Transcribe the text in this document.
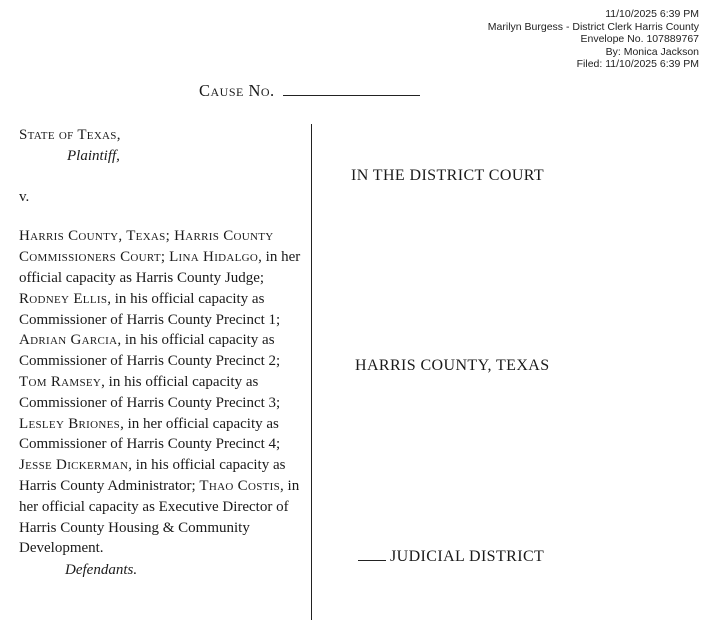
11/10/2025 6:39 PM
Marilyn Burgess - District Clerk Harris County
Envelope No. 107889767
By: Monica Jackson
Filed: 11/10/2025 6:39 PM
Cause No.
State of Texas,
Plaintiff,
v.
Harris County, Texas; Harris County Commissioners Court; Lina Hidalgo, in her official capacity as Harris County Judge; Rodney Ellis, in his official capacity as Commissioner of Harris County Precinct 1; Adrian Garcia, in his official capacity as Commissioner of Harris County Precinct 2; Tom Ramsey, in his official capacity as Commissioner of Harris County Precinct 3; Lesley Briones, in her official capacity as Commissioner of Harris County Precinct 4; Jesse Dickerman, in his official capacity as Harris County Administrator; Thao Costis, in her official capacity as Executive Director of Harris County Housing & Community Development.
Defendants.
IN THE DISTRICT COURT
HARRIS COUNTY, TEXAS
JUDICIAL DISTRICT
